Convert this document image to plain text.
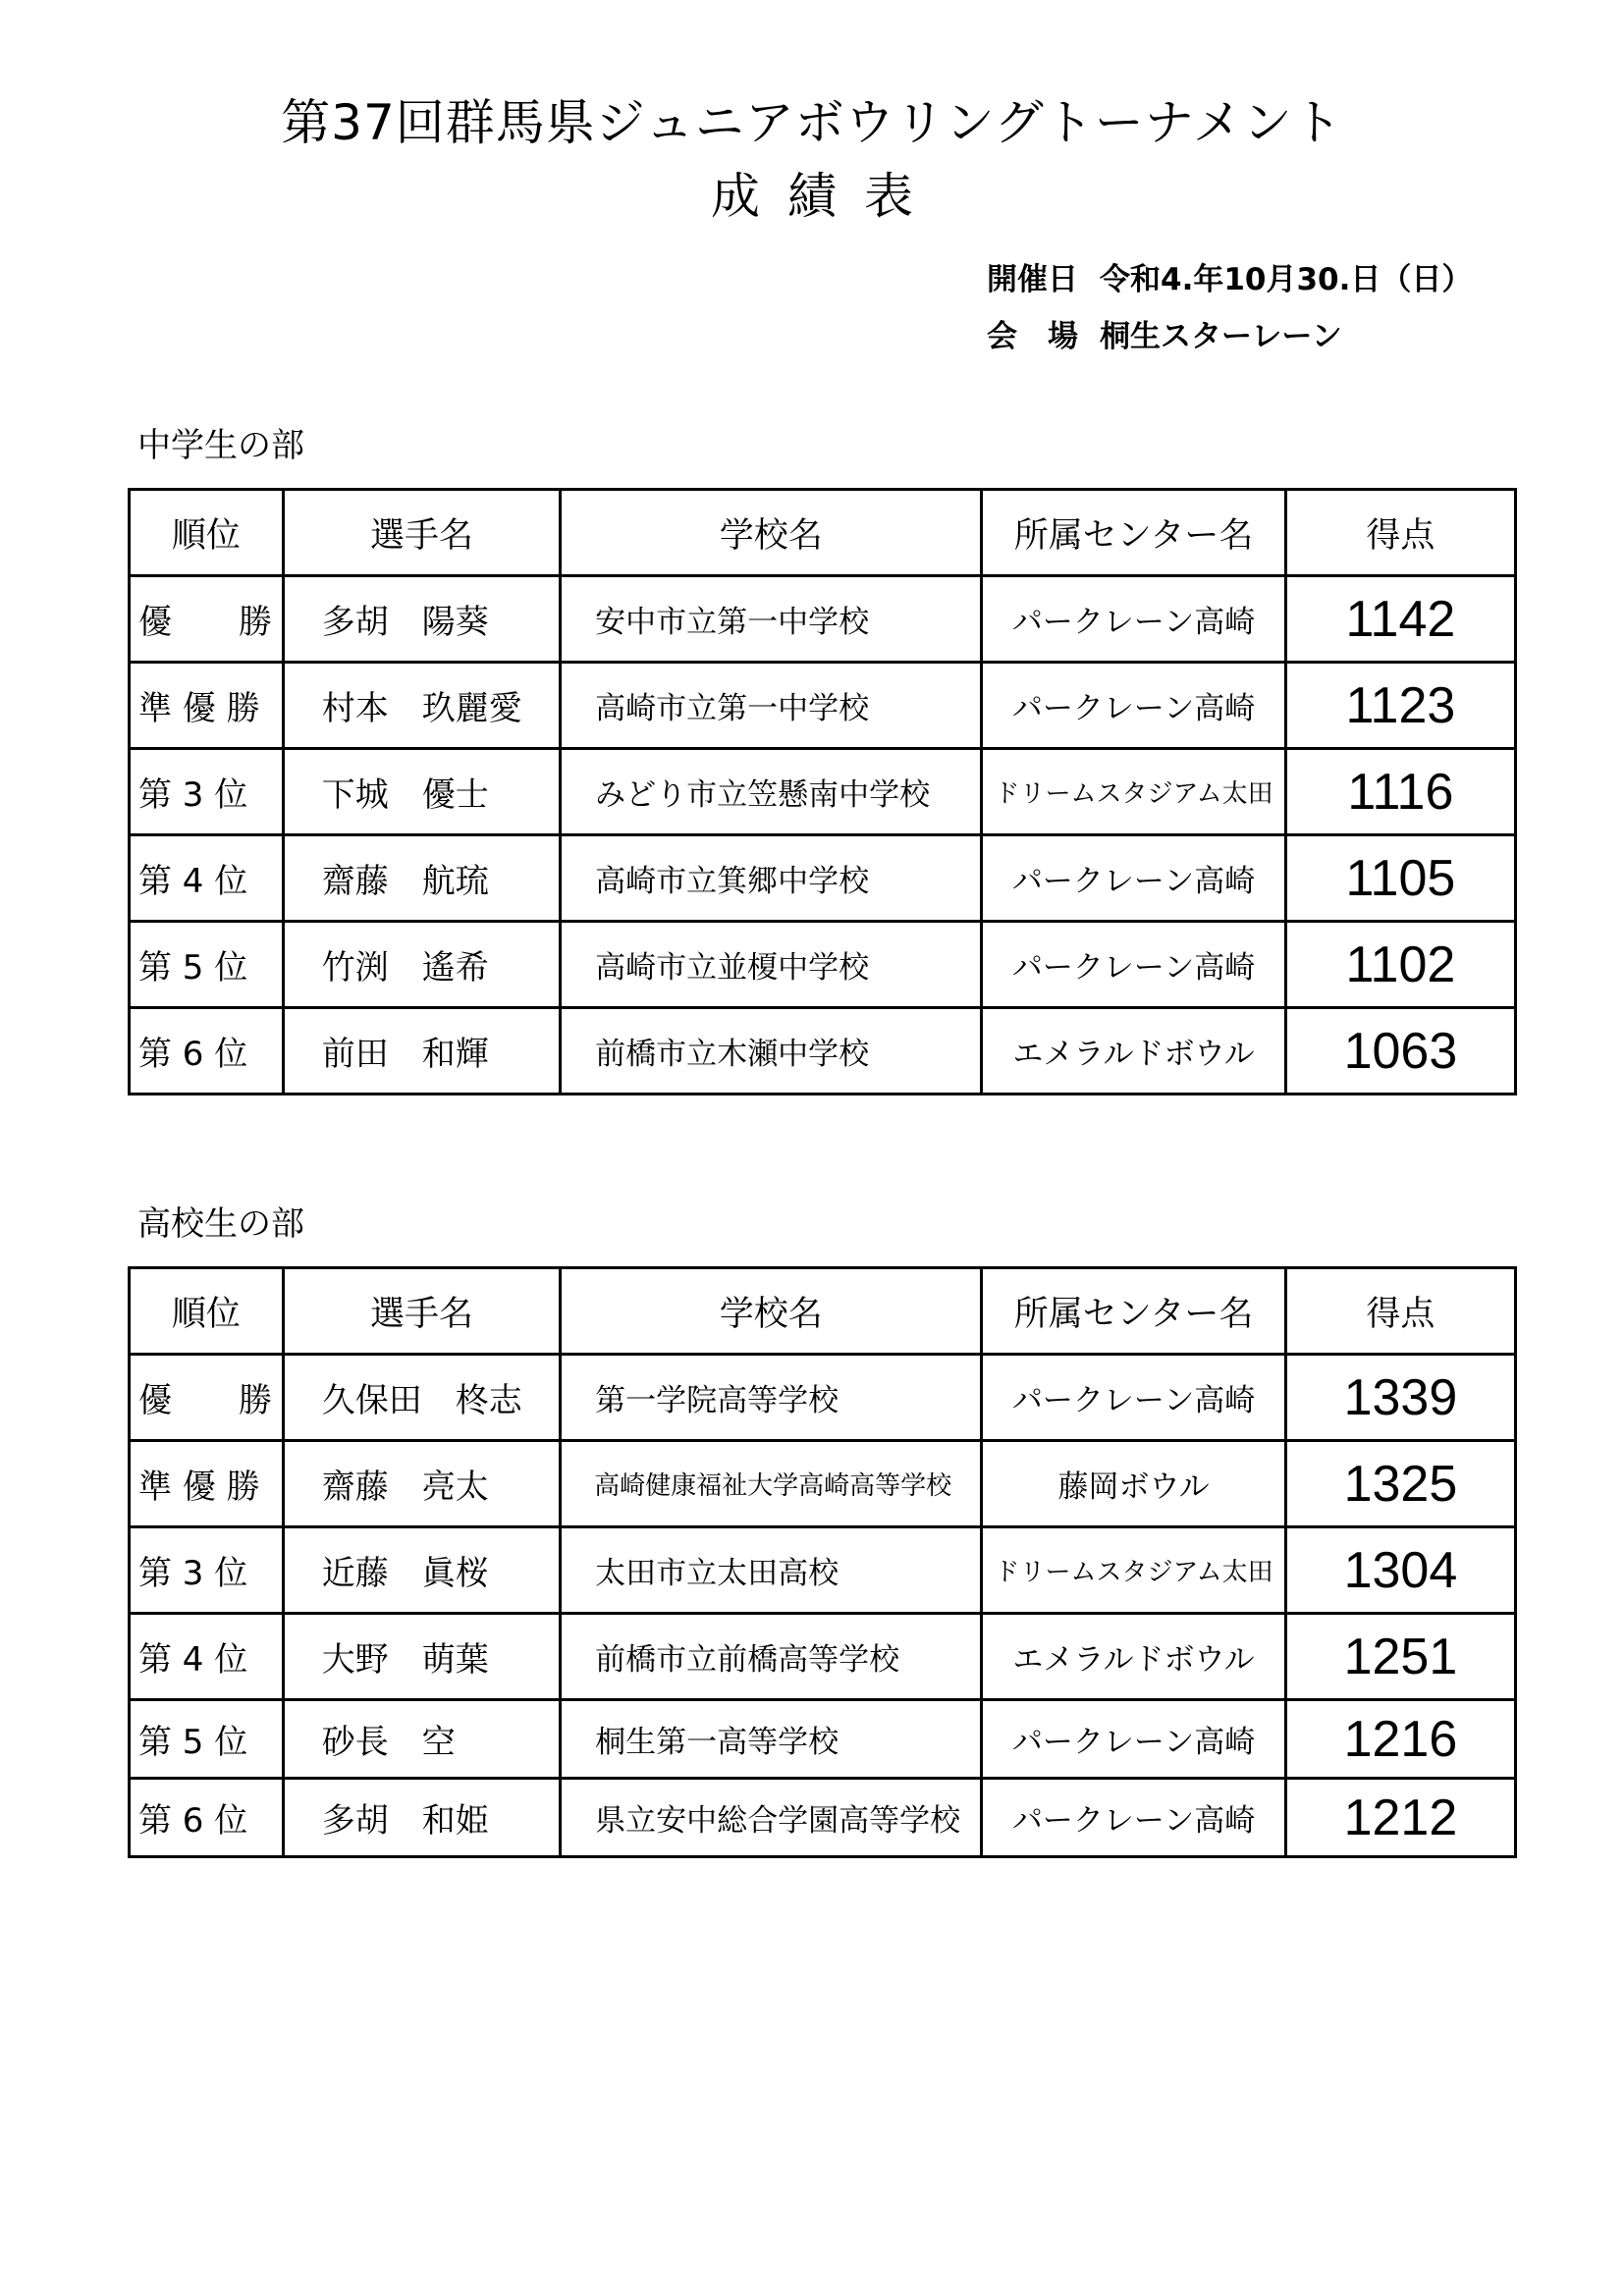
第37回群馬県ジュニアボウリングトーナメント
成績表
開催日 令和4.年10月30.日（日）
会　場 桐生スターレーン
中学生の部
順位	選手名	学校名	所属センター名	得点
優　　勝	多胡　陽葵	安中市立第一中学校	パークレーン高崎	1142
準 優 勝	村本　玖麗愛	高崎市立第一中学校	パークレーン高崎	1123
第 3 位	下城　優士	みどり市立笠懸南中学校	ドリームスタジアム太田	1116
第 4 位	齋藤　航琉	高崎市立箕郷中学校	パークレーン高崎	1105
第 5 位	竹渕　遙希	高崎市立並榎中学校	パークレーン高崎	1102
第 6 位	前田　和輝	前橋市立木瀬中学校	エメラルドボウル	1063
高校生の部
順位	選手名	学校名	所属センター名	得点
優　　勝	久保田　柊志	第一学院高等学校	パークレーン高崎	1339
準 優 勝	齋藤　亮太	高崎健康福祉大学高崎高等学校	藤岡ボウル	1325
第 3 位	近藤　眞桜	太田市立太田高校	ドリームスタジアム太田	1304
第 4 位	大野　萌葉	前橋市立前橋高等学校	エメラルドボウル	1251
第 5 位	砂長　空	桐生第一高等学校	パークレーン高崎	1216
第 6 位	多胡　和姫	県立安中総合学園高等学校	パークレーン高崎	1212
